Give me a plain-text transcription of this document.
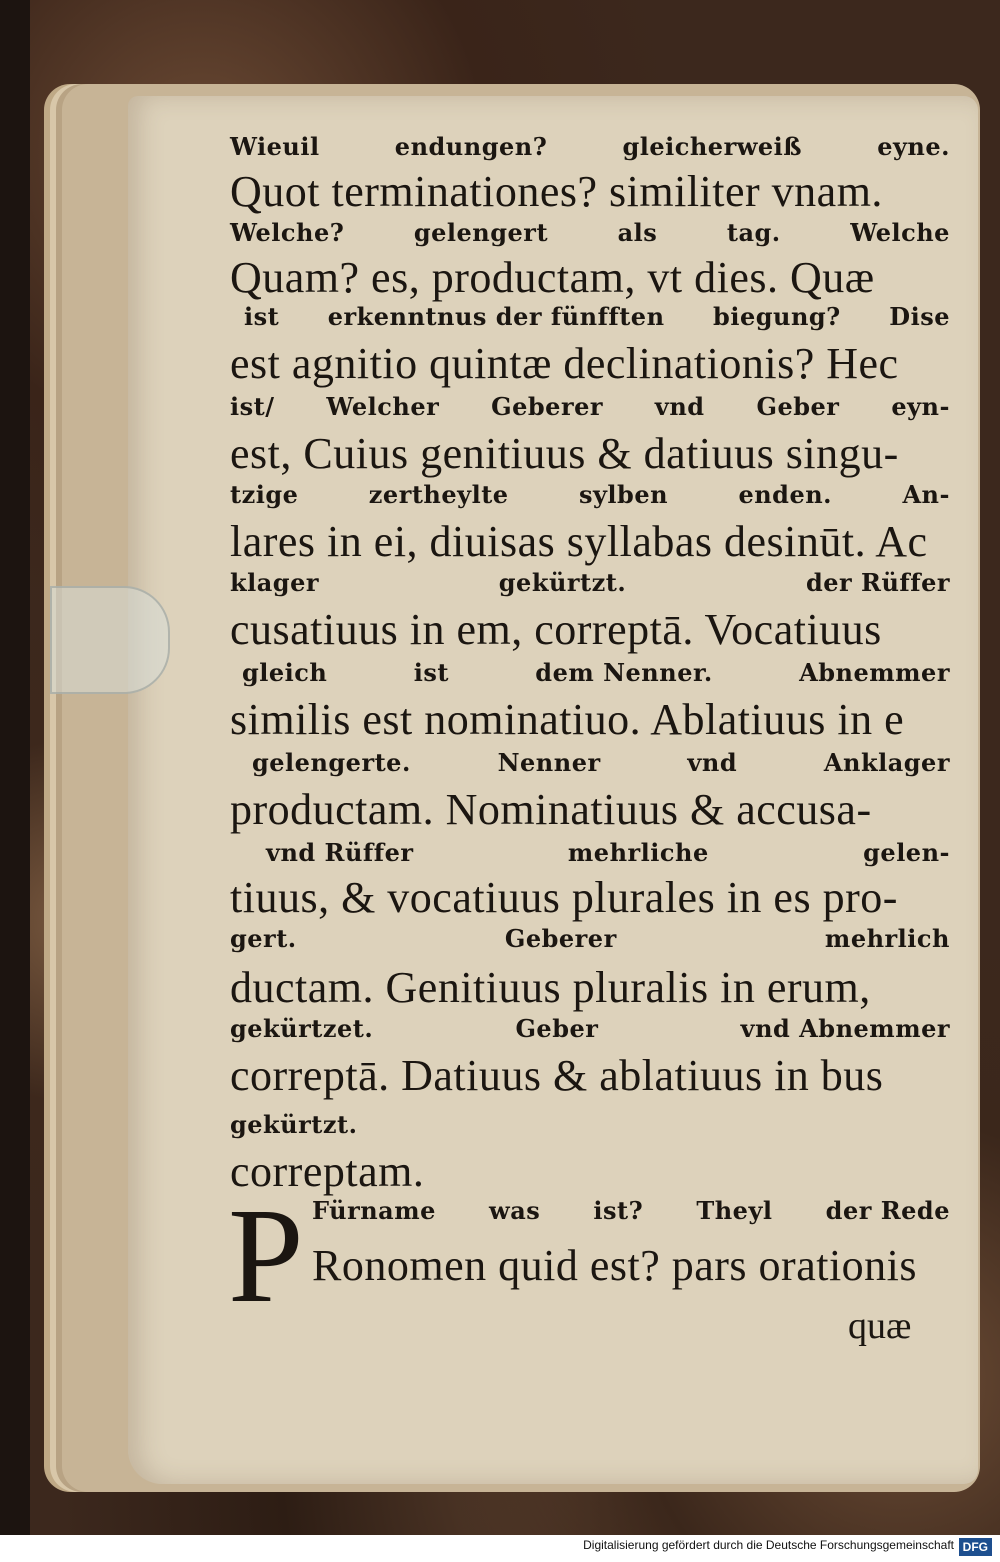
Wieuil	endungen?	gleicherweiß	eyne.
Quot terminationes? similiter vnam.
Welche?	gelengert	als	tag.	Welche
Quam? es, productam, vt dies. Quæ
ist erkenntnus der fünfften biegung? Dise
est agnitio quintæ declinationis? Hec
ist/ Welcher Geberer vnd Geber eyn-
est, Cuius genitiuus & datiuus singu-
tzige	zertheylte	sylben	enden.	An-
lares in ei, diuisas syllabas desinūt. Ac
klager	gekürtzt.	der Rüffer
cusatiuus in em, correptā. Vocatiuus
gleich	ist	dem Nenner.	Abnemmer
similis est nominatiuo. Ablatiuus in e
gelengerte.	Nenner	vnd	Anklager
productam. Nominatiuus & accusa-
vnd Rüffer	mehrliche	gelen-
tiuus, & vocatiuus plurales in es pro-
gert.	Geberer	mehrlich
ductam. Genitiuus pluralis in erum,
gekürtzet.	Geber	vnd Abnemmer
correptā. Datiuus & ablatiuus in bus
gekürtzt.
correptam.
Fürname was ist? Theyl der Rede

P Ronomen quid est? pars orationis

quæ

Digitalisierung gefördert durch die Deutsche Forschungsgemeinschaft DFG
